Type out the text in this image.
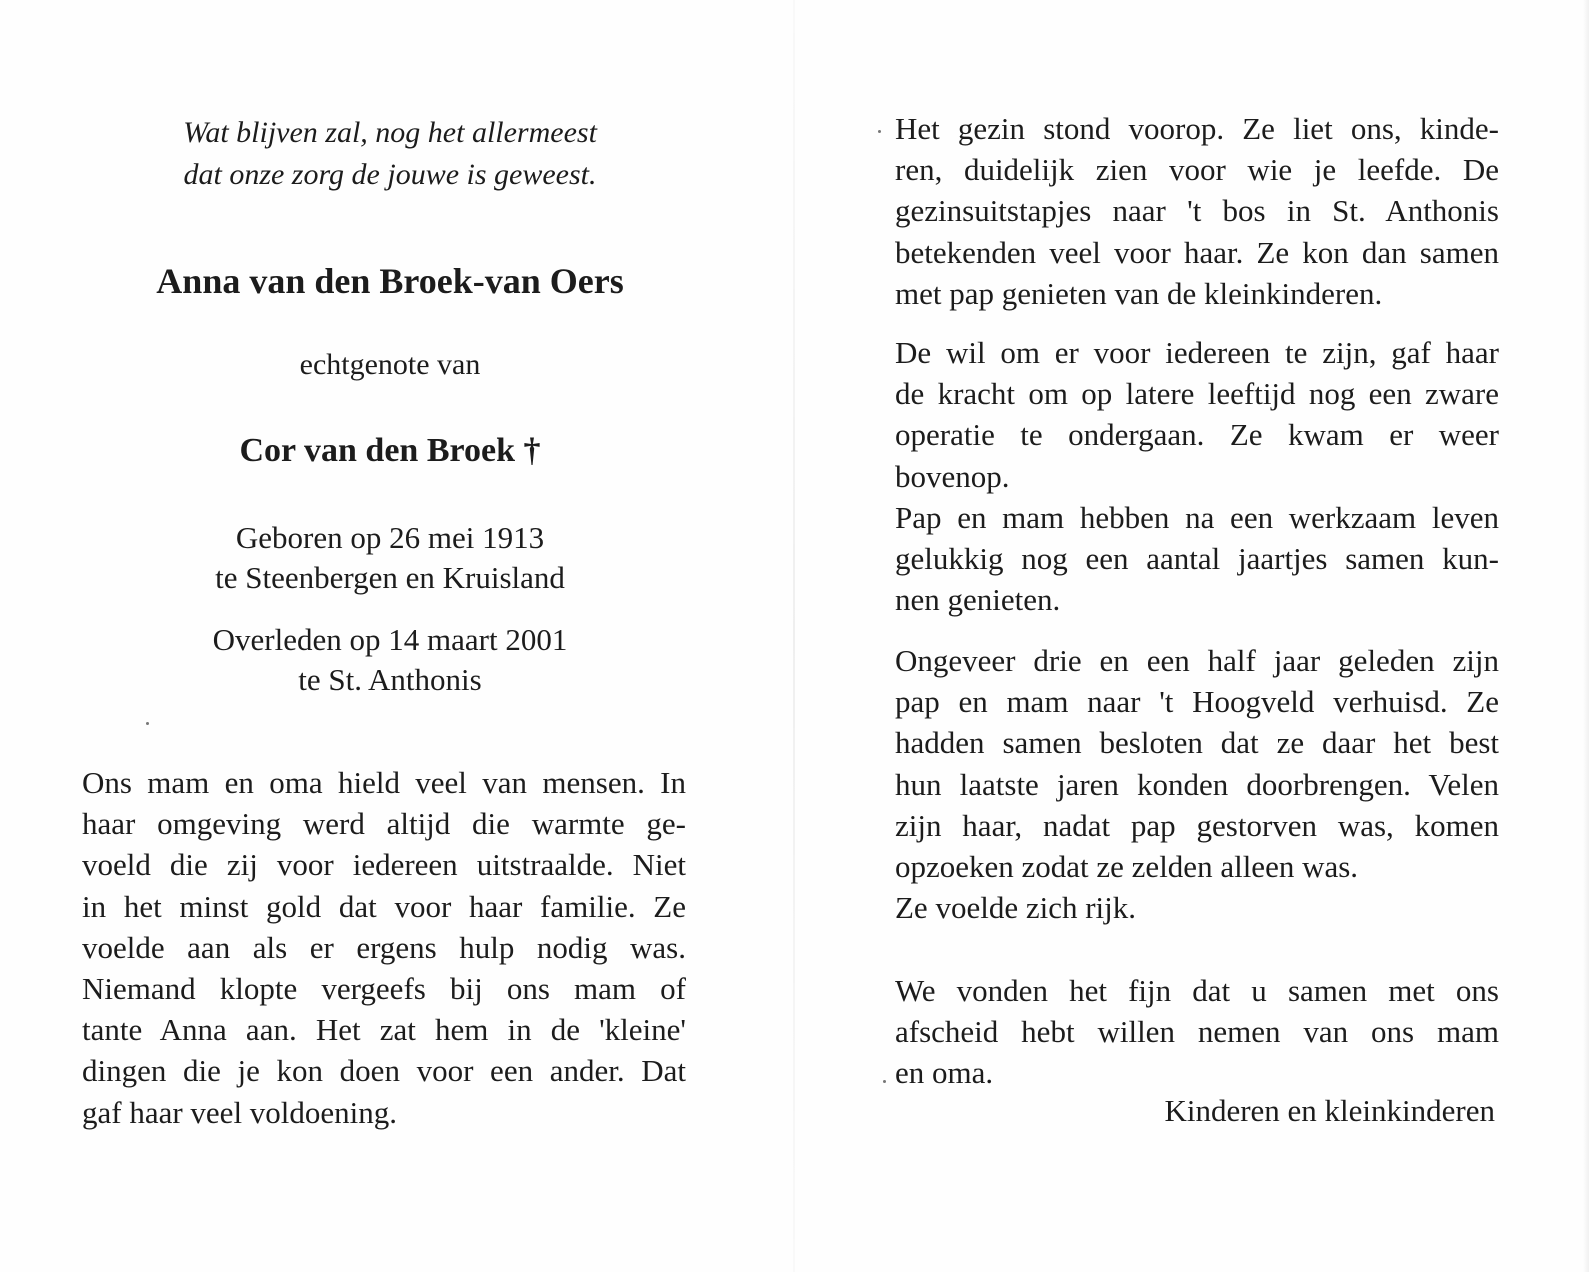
Wat blijven zal, nog het allermeest
dat onze zorg de jouwe is geweest.

Anna van den Broek-van Oers

echtgenote van

Cor van den Broek †

Geboren op 26 mei 1913
te Steenbergen en Kruisland

Overleden op 14 maart 2001
te St. Anthonis

Ons mam en oma hield veel van mensen. In
haar omgeving werd altijd die warmte ge-
voeld die zij voor iedereen uitstraalde. Niet
in het minst gold dat voor haar familie. Ze
voelde aan als er ergens hulp nodig was.
Niemand klopte vergeefs bij ons mam of
tante Anna aan. Het zat hem in de 'kleine'
dingen die je kon doen voor een ander. Dat
gaf haar veel voldoening.
Het gezin stond voorop. Ze liet ons, kinde-
ren, duidelijk zien voor wie je leefde. De
gezinsuitstapjes naar 't bos in St. Anthonis
betekenden veel voor haar. Ze kon dan samen
met pap genieten van de kleinkinderen.
De wil om er voor iedereen te zijn, gaf haar
de kracht om op latere leeftijd nog een zware
operatie te ondergaan. Ze kwam er weer
bovenop.
Pap en mam hebben na een werkzaam leven
gelukkig nog een aantal jaartjes samen kun-
nen genieten.
Ongeveer drie en een half jaar geleden zijn
pap en mam naar 't Hoogveld verhuisd. Ze
hadden samen besloten dat ze daar het best
hun laatste jaren konden doorbrengen. Velen
zijn haar, nadat pap gestorven was, komen
opzoeken zodat ze zelden alleen was.
Ze voelde zich rijk.
We vonden het fijn dat u samen met ons
afscheid hebt willen nemen van ons mam
en oma.

Kinderen en kleinkinderen
